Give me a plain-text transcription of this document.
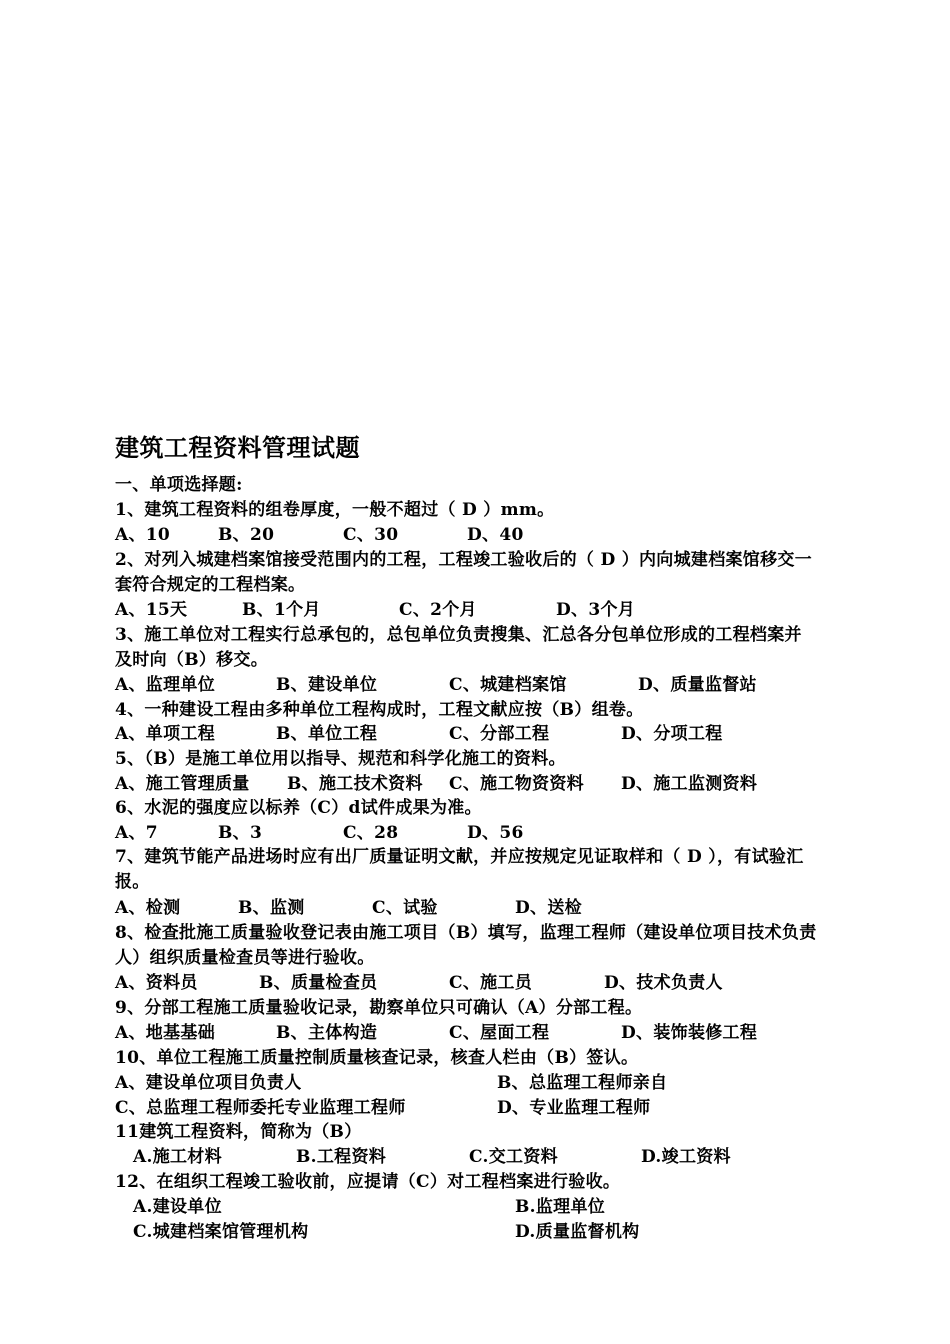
建筑工程资料管理试题
一、单项选择题:
1、建筑工程资料的组卷厚度，一般不超过（ D ）mm。
A、10	B、20	C、30	D、40
2、对列入城建档案馆接受范围内的工程，工程竣工验收后的（ D ）内向城建档案馆移交一
套符合规定的工程档案。
A、15天	B、1个月	C、2个月	D、3个月
3、施工单位对工程实行总承包的，总包单位负责搜集、汇总各分包单位形成的工程档案并
及时向（B）移交。
A、监理单位	B、建设单位	C、城建档案馆	D、质量监督站
4、一种建设工程由多种单位工程构成时，工程文献应按（B）组卷。
A、单项工程	B、单位工程	C、分部工程	D、分项工程
5、（B）是施工单位用以指导、规范和科学化施工的资料。
A、施工管理质量 B、施工技术资料 C、施工物资资料 D、施工监测资料
6、水泥的强度应以标养（C）d试件成果为准。
A、7	B、3	C、28	D、56
7、建筑节能产品进场时应有出厂质量证明文献，并应按规定见证取样和（ D ），有试验汇
报。
A、检测	B、监测	C、试验	D、送检
8、检查批施工质量验收登记表由施工项目（B）填写，监理工程师（建设单位项目技术负责
人）组织质量检查员等进行验收。
A、资料员	B、质量检查员	C、施工员	D、技术负责人
9、分部工程施工质量验收记录，勘察单位只可确认（A）分部工程。
A、地基基础	B、主体构造	C、屋面工程	D、装饰装修工程
10、单位工程施工质量控制质量核查记录，核查人栏由（B）签认。
A、建设单位项目负责人	B、总监理工程师亲自
C、总监理工程师委托专业监理工程师	D、专业监理工程师
11建筑工程资料，简称为（B）
A.施工材料	B.工程资料	C.交工资料	D.竣工资料
12、在组织工程竣工验收前，应提请（C）对工程档案进行验收。
A.建设单位	B.监理单位
C.城建档案馆管理机构	D.质量监督机构
